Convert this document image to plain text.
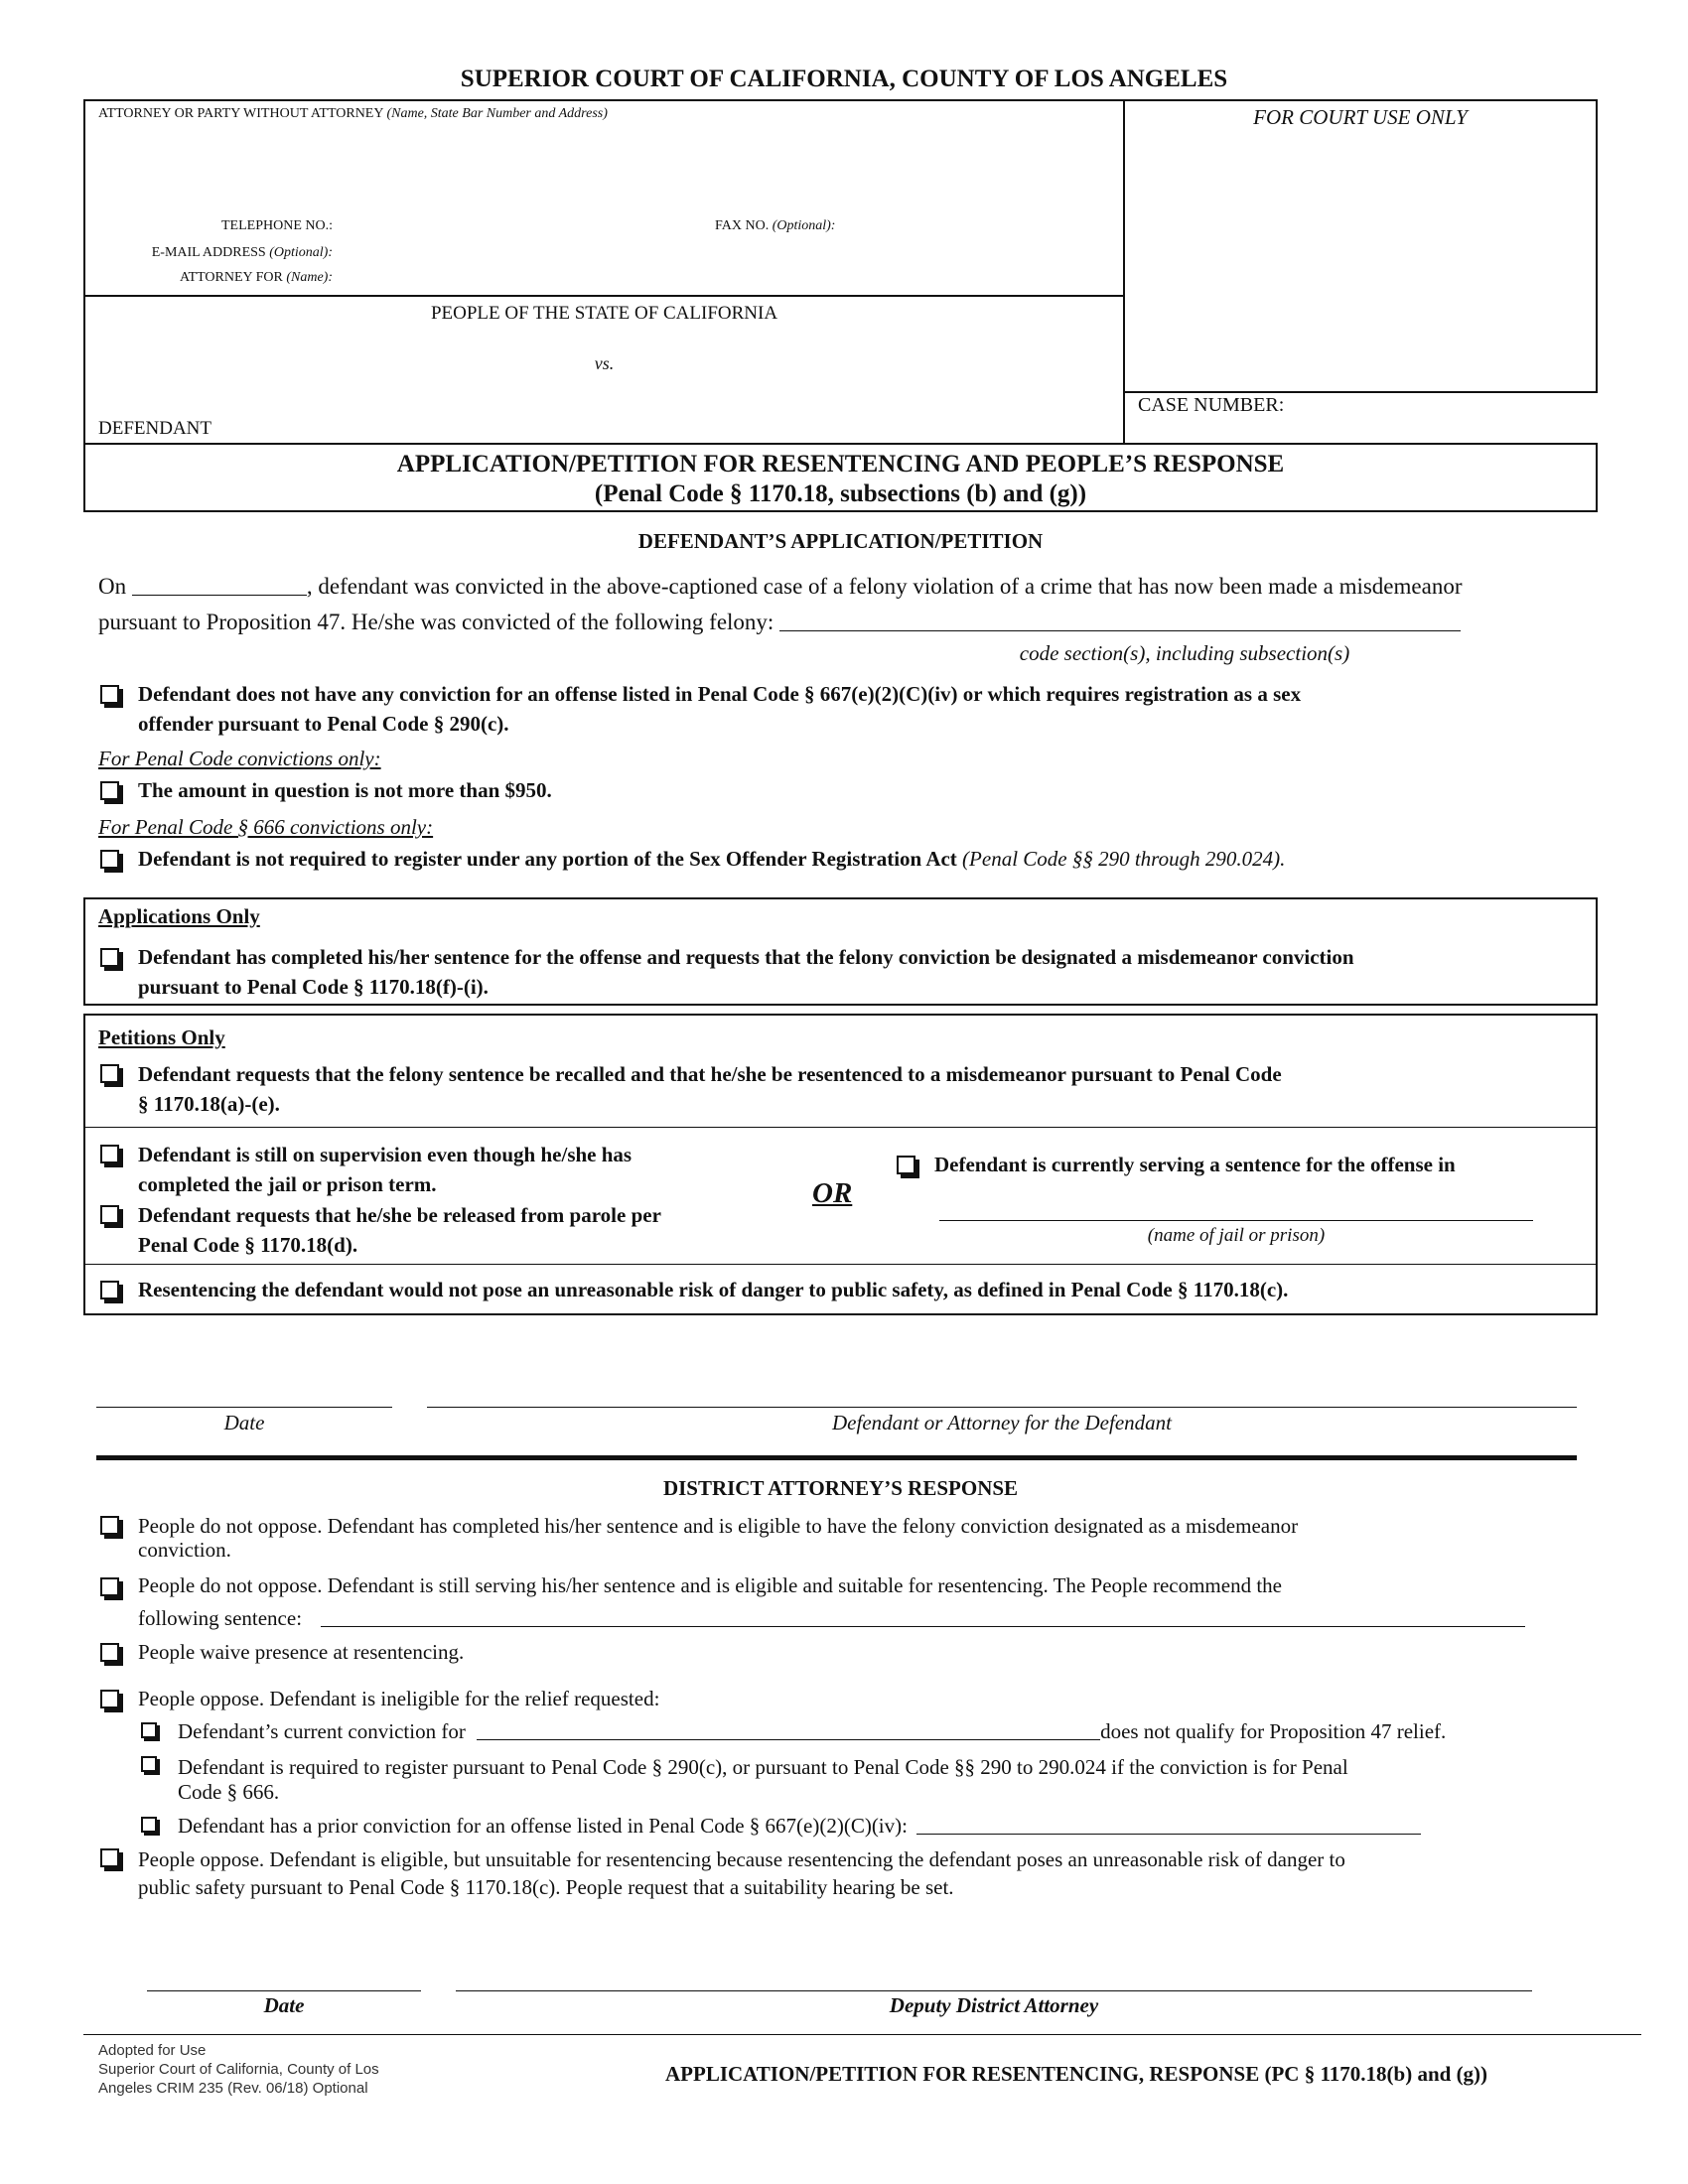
SUPERIOR COURT OF CALIFORNIA, COUNTY OF LOS ANGELES
ATTORNEY OR PARTY WITHOUT ATTORNEY (Name, State Bar Number and Address)	FOR COURT USE ONLY
TELEPHONE NO.:	FAX NO. (Optional):
E-MAIL ADDRESS (Optional):
ATTORNEY FOR (Name):
PEOPLE OF THE STATE OF CALIFORNIA
vs.
DEFENDANT
CASE NUMBER:
APPLICATION/PETITION FOR RESENTENCING AND PEOPLE’S RESPONSE
(Penal Code § 1170.18, subsections (b) and (g))
DEFENDANT’S APPLICATION/PETITION
On	, defendant was convicted in the above-captioned case of a felony violation of a crime that has now been made a misdemeanor
pursuant to Proposition 47. He/she was convicted of the following felony:
code section(s), including subsection(s)
Defendant does not have any conviction for an offense listed in Penal Code § 667(e)(2)(C)(iv) or which requires registration as a sex
offender pursuant to Penal Code § 290(c).
For Penal Code convictions only:
The amount in question is not more than $950.
For Penal Code § 666 convictions only:
Defendant is not required to register under any portion of the Sex Offender Registration Act (Penal Code §§ 290 through 290.024).
Applications Only
Defendant has completed his/her sentence for the offense and requests that the felony conviction be designated a misdemeanor conviction
pursuant to Penal Code § 1170.18(f)-(i).
Petitions Only
Defendant requests that the felony sentence be recalled and that he/she be resentenced to a misdemeanor pursuant to Penal Code
§ 1170.18(a)-(e).
Defendant is still on supervision even though he/she has
completed the jail or prison term.
Defendant requests that he/she be released from parole per
Penal Code § 1170.18(d).
OR
Defendant is currently serving a sentence for the offense in
(name of jail or prison)
Resentencing the defendant would not pose an unreasonable risk of danger to public safety, as defined in Penal Code § 1170.18(c).
Date	Defendant or Attorney for the Defendant
DISTRICT ATTORNEY’S RESPONSE
People do not oppose. Defendant has completed his/her sentence and is eligible to have the felony conviction designated as a misdemeanor
conviction.
People do not oppose. Defendant is still serving his/her sentence and is eligible and suitable for resentencing. The People recommend the
following sentence:
People waive presence at resentencing.
People oppose. Defendant is ineligible for the relief requested:
Defendant’s current conviction for	does not qualify for Proposition 47 relief.
Defendant is required to register pursuant to Penal Code § 290(c), or pursuant to Penal Code §§ 290 to 290.024 if the conviction is for Penal
Code § 666.
Defendant has a prior conviction for an offense listed in Penal Code § 667(e)(2)(C)(iv):
People oppose. Defendant is eligible, but unsuitable for resentencing because resentencing the defendant poses an unreasonable risk of danger to
public safety pursuant to Penal Code § 1170.18(c). People request that a suitability hearing be set.
Date	Deputy District Attorney
Adopted for Use
Superior Court of California, County of Los
Angeles CRIM 235 (Rev. 06/18) Optional
APPLICATION/PETITION FOR RESENTENCING, RESPONSE (PC § 1170.18(b) and (g))
